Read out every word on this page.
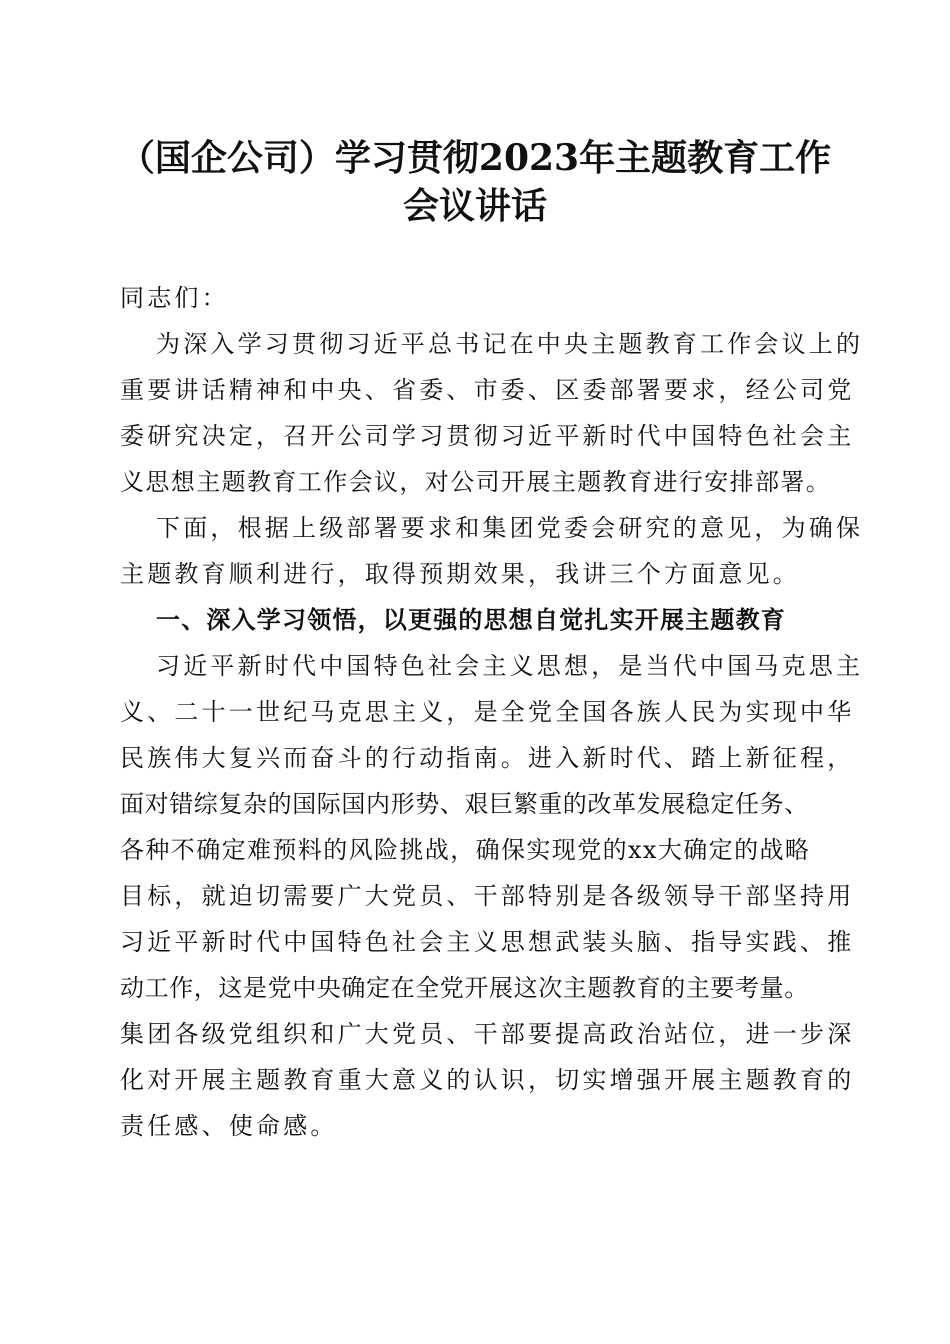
（国企公司）学习贯彻2023年主题教育工作
会议讲话
同志们：
为深入学习贯彻习近平总书记在中央主题教育工作会议上的
重要讲话精神和中央、省委、市委、区委部署要求，经公司党
委研究决定，召开公司学习贯彻习近平新时代中国特色社会主
义思想主题教育工作会议，对公司开展主题教育进行安排部署。
下面，根据上级部署要求和集团党委会研究的意见，为确保
主题教育顺利进行，取得预期效果，我讲三个方面意见。
一、深入学习领悟，以更强的思想自觉扎实开展主题教育
习近平新时代中国特色社会主义思想，是当代中国马克思主
义、二十一世纪马克思主义，是全党全国各族人民为实现中华
民族伟大复兴而奋斗的行动指南。进入新时代、踏上新征程，
面对错综复杂的国际国内形势、艰巨繁重的改革发展稳定任务、
各种不确定难预料的风险挑战，确保实现党的xx大确定的战略
目标，就迫切需要广大党员、干部特别是各级领导干部坚持用
习近平新时代中国特色社会主义思想武装头脑、指导实践、推
动工作，这是党中央确定在全党开展这次主题教育的主要考量。
集团各级党组织和广大党员、干部要提高政治站位，进一步深
化对开展主题教育重大意义的认识，切实增强开展主题教育的
责任感、使命感。
